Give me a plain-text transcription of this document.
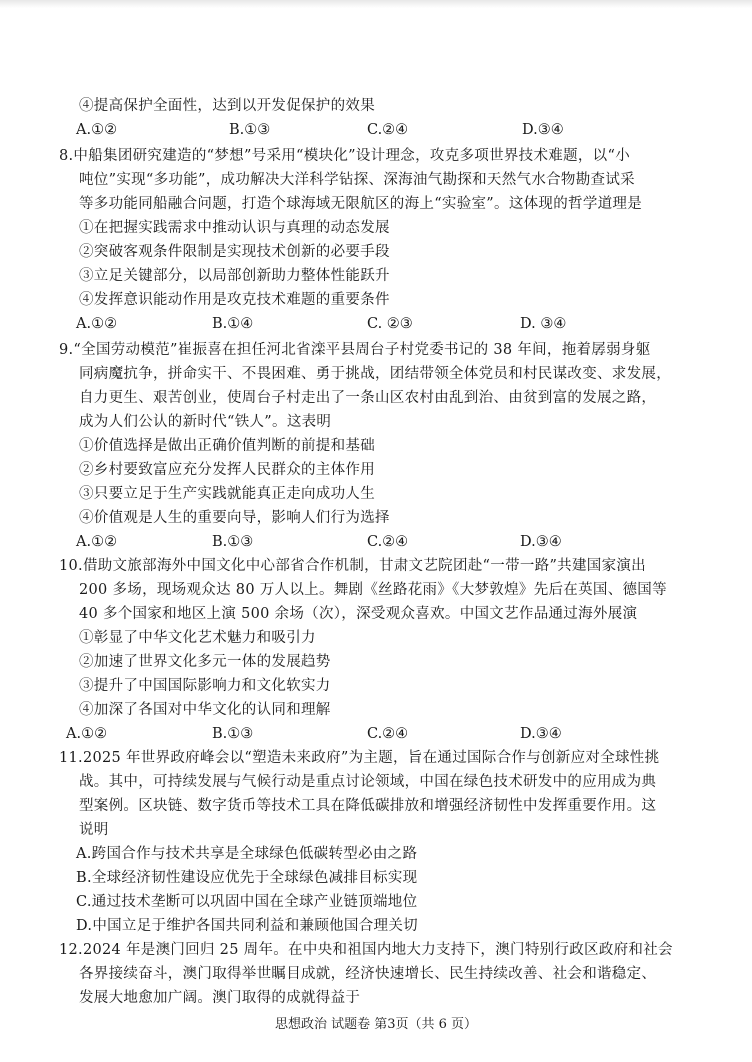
④提高保护全面性，达到以开发促保护的效果
A.①②	B.①③	C.②④	D.③④
8.中船集团研究建造的“梦想”号采用“模块化”设计理念，攻克多项世界技术难题，以“小
吨位”实现“多功能”，成功解决大洋科学钻探、深海油气勘探和天然气水合物勘查试采
等多功能同船融合问题，打造个球海域无限航区的海上“实验室”。这体现的哲学道理是
①在把握实践需求中推动认识与真理的动态发展
②突破客观条件限制是实现技术创新的必要手段
③立足关键部分，以局部创新助力整体性能跃升
④发挥意识能动作用是攻克技术难题的重要条件
A.①②	B.①④	C. ②③	D. ③④
9.“全国劳动模范”崔振喜在担任河北省滦平县周台子村党委书记的 38 年间，拖着孱弱身躯
同病魔抗争，拼命实干、不畏困难、勇于挑战，团结带领全体党员和村民谋改变、求发展，
自力更生、艰苦创业，使周台子村走出了一条山区农村由乱到治、由贫到富的发展之路，
成为人们公认的新时代“铁人”。这表明
①价值选择是做出正确价值判断的前提和基础
②乡村要致富应充分发挥人民群众的主体作用
③只要立足于生产实践就能真正走向成功人生
④价值观是人生的重要向导，影响人们行为选择
A.①②	B.①③	C.②④	D.③④
10.借助文旅部海外中国文化中心部省合作机制，甘肃文艺院团赴“一带一路”共建国家演出
200 多场，现场观众达 80 万人以上。舞剧《丝路花雨》《大梦敦煌》先后在英国、德国等
40 多个国家和地区上演 500 余场（次），深受观众喜欢。中国文艺作品通过海外展演
①彰显了中华文化艺术魅力和吸引力
②加速了世界文化多元一体的发展趋势
③提升了中国国际影响力和文化软实力
④加深了各国对中华文化的认同和理解
A.①②	B.①③	C.②④	D.③④
11.2025 年世界政府峰会以“塑造未来政府”为主题，旨在通过国际合作与创新应对全球性挑
战。其中，可持续发展与气候行动是重点讨论领域，中国在绿色技术研发中的应用成为典
型案例。区块链、数字货币等技术工具在降低碳排放和增强经济韧性中发挥重要作用。这
说明
A.跨国合作与技术共享是全球绿色低碳转型必由之路
B.全球经济韧性建设应优先于全球绿色减排目标实现
C.通过技术垄断可以巩固中国在全球产业链顶端地位
D.中国立足于维护各国共同利益和兼顾他国合理关切
12.2024 年是澳门回归 25 周年。在中央和祖国内地大力支持下，澳门特别行政区政府和社会
各界接续奋斗，澳门取得举世瞩目成就，经济快速增长、民生持续改善、社会和谐稳定、
发展大地愈加广阔。澳门取得的成就得益于
思想政治 试题卷 第3页（共 6 页）
